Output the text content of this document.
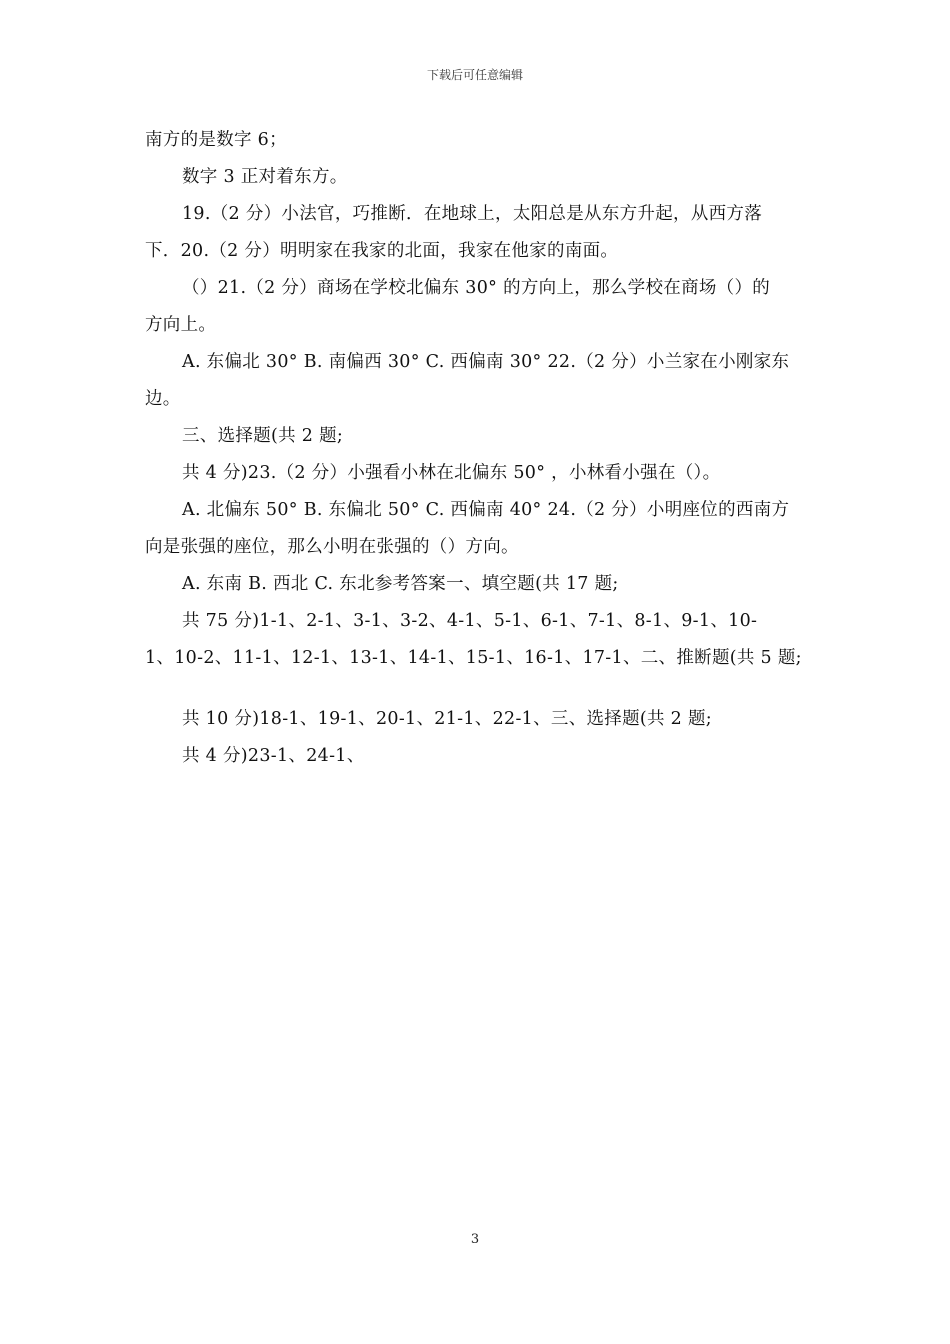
下载后可任意编辑
南方的是数字 6；
数字 3 正对着东方。
19.（2 分）小法官，巧推断．在地球上，太阳总是从东方升起，从西方落
下．20.（2 分）明明家在我家的北面，我家在他家的南面。
（）21.（2 分）商场在学校北偏东 30° 的方向上，那么学校在商场（）的
方向上。
A. 东偏北 30° B. 南偏西 30° C. 西偏南 30° 22.（2 分）小兰家在小刚家东
边。
三、选择题(共 2 题;
共 4 分)23.（2 分）小强看小林在北偏东 50° ，小林看小强在（）。
A. 北偏东 50° B. 东偏北 50° C. 西偏南 40° 24.（2 分）小明座位的西南方
向是张强的座位，那么小明在张强的（）方向。
A. 东南 B. 西北 C. 东北参考答案一、填空题(共 17 题;
共 75 分)1-1、2-1、3-1、3-2、4-1、5-1、6-1、7-1、8-1、9-1、10-
1、10-2、11-1、12-1、13-1、14-1、15-1、16-1、17-1、二、推断题(共 5 题;
共 10 分)18-1、19-1、20-1、21-1、22-1、三、选择题(共 2 题;
共 4 分)23-1、24-1、
3
